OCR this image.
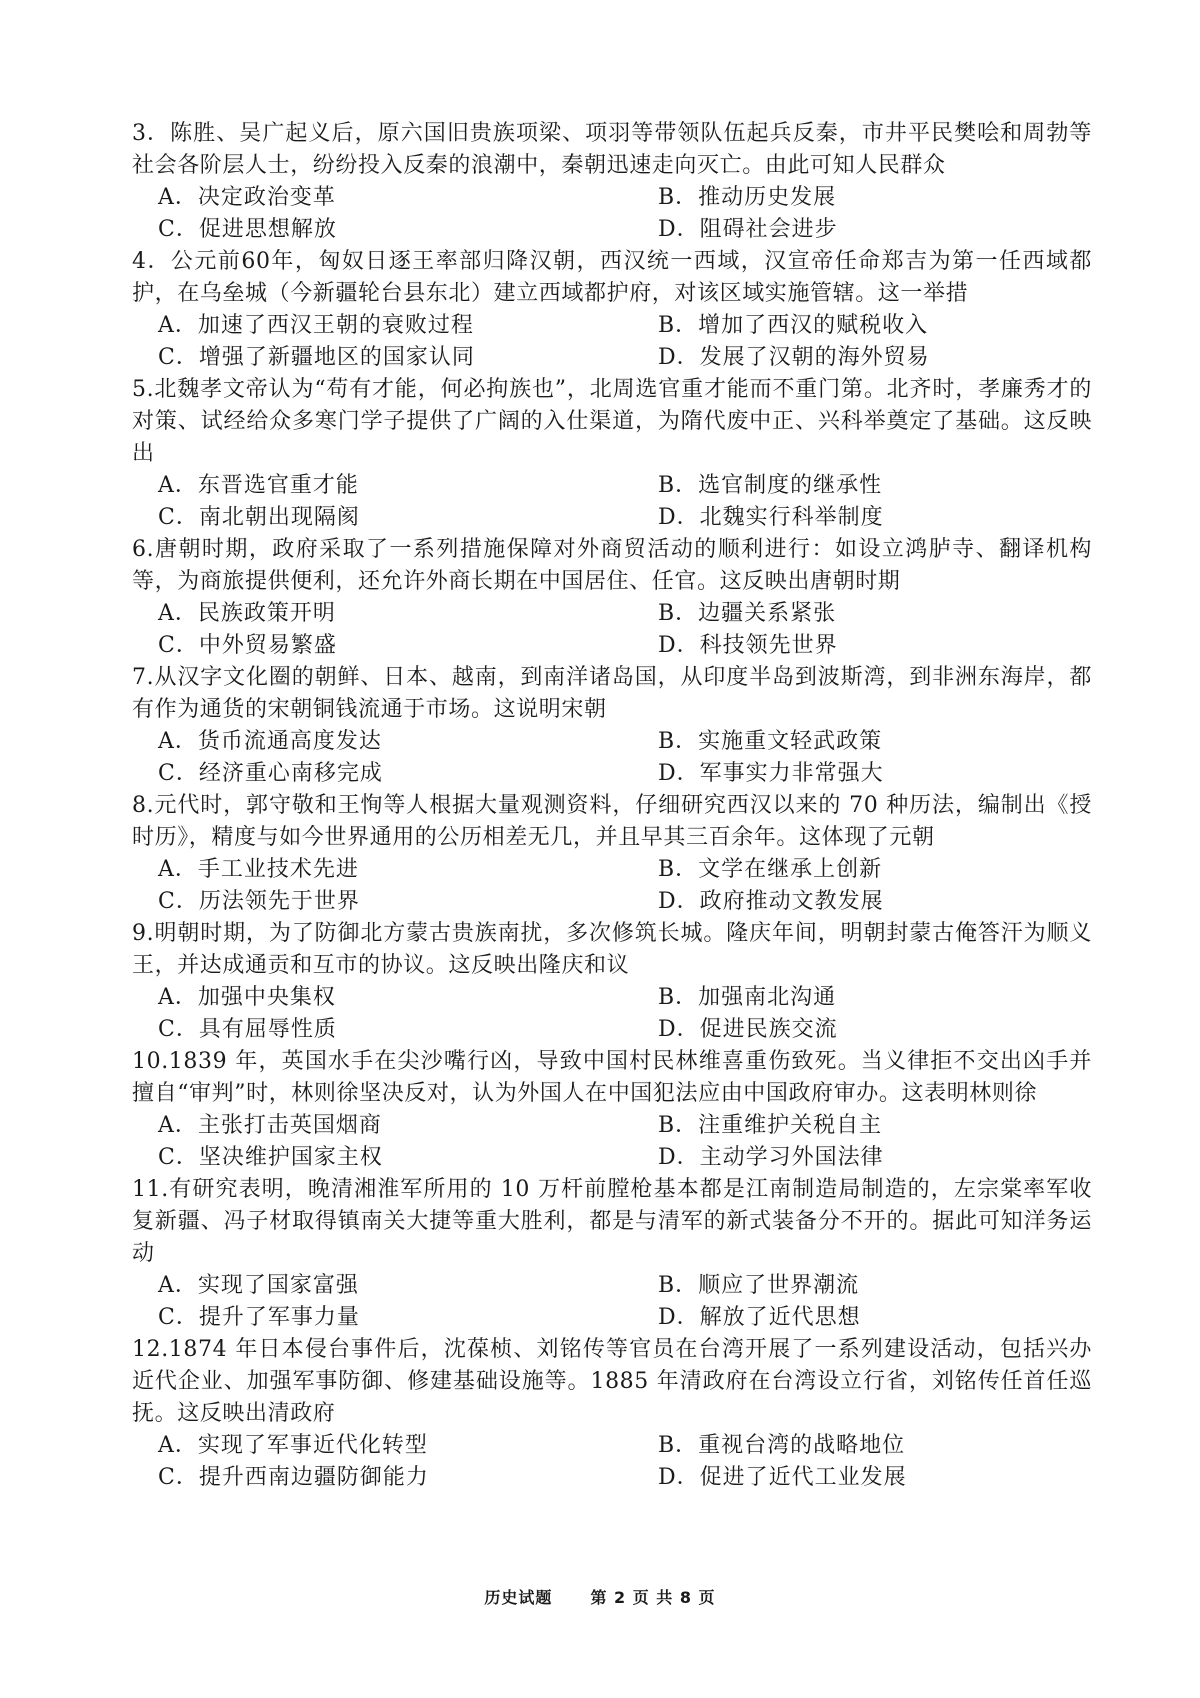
3．陈胜、吴广起义后，原六国旧贵族项梁、项羽等带领队伍起兵反秦，市井平民樊哙和周勃等社会各阶层人士，纷纷投入反秦的浪潮中，秦朝迅速走向灭亡。由此可知人民群众

A．决定政治变革	B．推动历史发展
C．促进思想解放	D．阻碍社会进步

4．公元前60年，匈奴日逐王率部归降汉朝，西汉统一西域，汉宣帝任命郑吉为第一任西域都护，在乌垒城（今新疆轮台县东北）建立西域都护府，对该区域实施管辖。这一举措

A．加速了西汉王朝的衰败过程	B．增加了西汉的赋税收入
C．增强了新疆地区的国家认同	D．发展了汉朝的海外贸易

5.北魏孝文帝认为“苟有才能，何必拘族也”，北周选官重才能而不重门第。北齐时，孝廉秀才的对策、试经给众多寒门学子提供了广阔的入仕渠道，为隋代废中正、兴科举奠定了基础。这反映出

A．东晋选官重才能	B．选官制度的继承性
C．南北朝出现隔阂	D．北魏实行科举制度

6.唐朝时期，政府采取了一系列措施保障对外商贸活动的顺利进行：如设立鸿胪寺、翻译机构等，为商旅提供便利，还允许外商长期在中国居住、任官。这反映出唐朝时期

A．民族政策开明	B．边疆关系紧张
C．中外贸易繁盛	D．科技领先世界

7.从汉字文化圈的朝鲜、日本、越南，到南洋诸岛国，从印度半岛到波斯湾，到非洲东海岸，都有作为通货的宋朝铜钱流通于市场。这说明宋朝

A．货币流通高度发达	B．实施重文轻武政策
C．经济重心南移完成	D．军事实力非常强大

8.元代时，郭守敬和王恂等人根据大量观测资料，仔细研究西汉以来的 70 种历法，编制出《授时历》，精度与如今世界通用的公历相差无几，并且早其三百余年。这体现了元朝

A．手工业技术先进	B．文学在继承上创新
C．历法领先于世界	D．政府推动文教发展

9.明朝时期，为了防御北方蒙古贵族南扰，多次修筑长城。隆庆年间，明朝封蒙古俺答汗为顺义王，并达成通贡和互市的协议。这反映出隆庆和议

A．加强中央集权	B．加强南北沟通
C．具有屈辱性质	D．促进民族交流

10.1839 年，英国水手在尖沙嘴行凶，导致中国村民林维喜重伤致死。当义律拒不交出凶手并擅自“审判”时，林则徐坚决反对，认为外国人在中国犯法应由中国政府审办。这表明林则徐

A．主张打击英国烟商	B．注重维护关税自主
C．坚决维护国家主权	D．主动学习外国法律

11.有研究表明，晚清湘淮军所用的 10 万杆前膛枪基本都是江南制造局制造的，左宗棠率军收复新疆、冯子材取得镇南关大捷等重大胜利，都是与清军的新式装备分不开的。据此可知洋务运动

A．实现了国家富强	B．顺应了世界潮流
C．提升了军事力量	D．解放了近代思想

12.1874 年日本侵台事件后，沈葆桢、刘铭传等官员在台湾开展了一系列建设活动，包括兴办近代企业、加强军事防御、修建基础设施等。1885 年清政府在台湾设立行省，刘铭传任首任巡抚。这反映出清政府

A．实现了军事近代化转型	B．重视台湾的战略地位
C．提升西南边疆防御能力	D．促进了近代工业发展
历史试题 第 2 页 共 8 页
